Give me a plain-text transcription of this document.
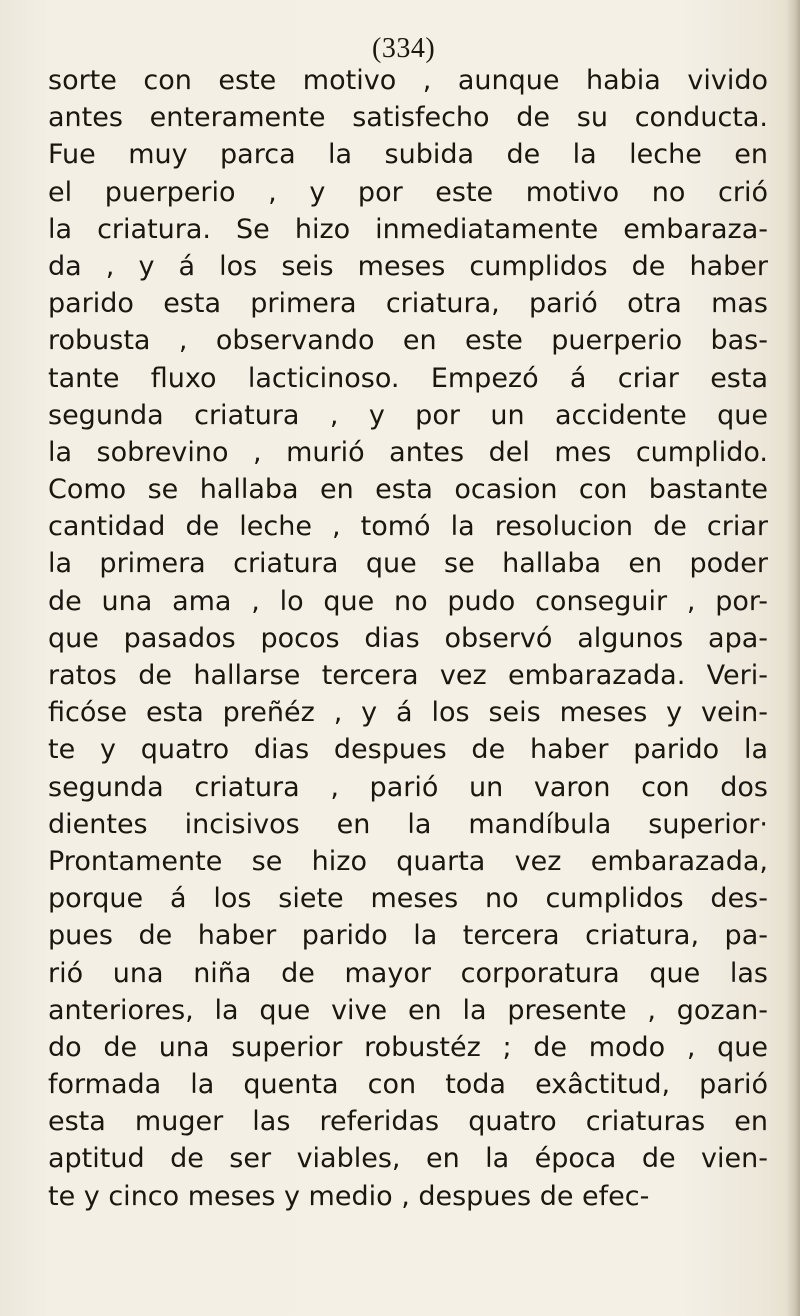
(334)
sorte con este motivo , aunque habia vivido
antes enteramente satisfecho de su conducta.
Fue muy parca la subida de la leche en
el puerperio , y por este motivo no crió
la criatura. Se hizo inmediatamente embaraza-
da , y á los seis meses cumplidos de haber
parido esta primera criatura, parió otra mas
robusta , observando en este puerperio bas-
tante fluxo lacticinoso. Empezó á criar esta
segunda criatura , y por un accidente que
la sobrevino , murió antes del mes cumplido.
Como se hallaba en esta ocasion con bastante
cantidad de leche , tomó la resolucion de criar
la primera criatura que se hallaba en poder
de una ama , lo que no pudo conseguir , por-
que pasados pocos dias observó algunos apa-
ratos de hallarse tercera vez embarazada. Veri-
ficóse esta preñéz , y á los seis meses y vein-
te y quatro dias despues de haber parido la
segunda criatura , parió un varon con dos
dientes incisivos en la mandíbula superior·
Prontamente se hizo quarta vez embarazada,
porque á los siete meses no cumplidos des-
pues de haber parido la tercera criatura, pa-
rió una niña de mayor corporatura que las
anteriores, la que vive en la presente , gozan-
do de una superior robustéz ; de modo , que
formada la quenta con toda exâctitud, parió
esta muger las referidas quatro criaturas en
aptitud de ser viables, en la época de vien-
te y cinco meses y medio , despues de efec-
